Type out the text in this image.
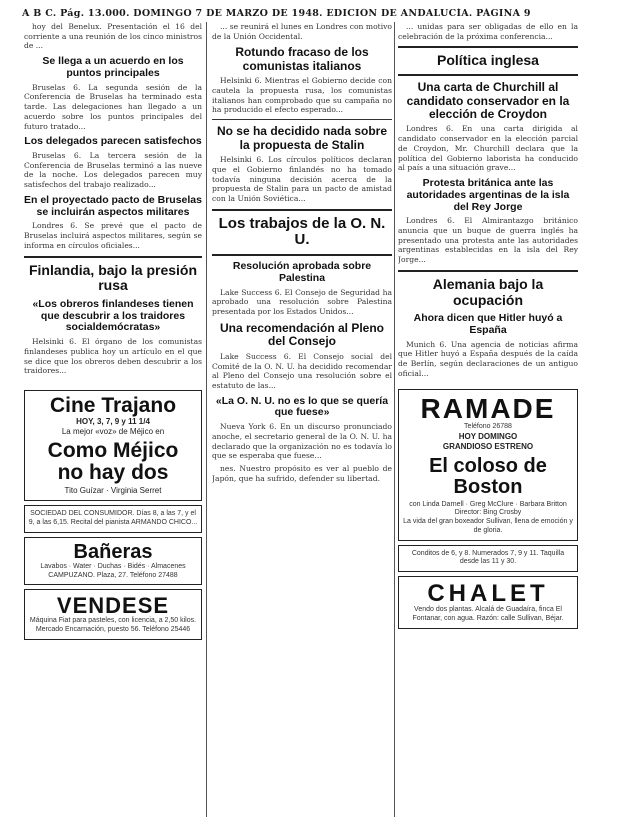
A B C. Pág. 13.000. DOMINGO 7 DE MARZO DE 1948. EDICIÓN DE ANDALUCÍA. PÁGINA 9

hoy del Benelux. Presentación el 16 del corriente a una reunión de los cinco ministros de ...

Se llega a un acuerdo en los puntos principales

Bruselas 6. La segunda sesión de la Conferencia de Bruselas ha terminado esta tarde. Las delegaciones han llegado a un acuerdo sobre los puntos principales del futuro tratado...

Los delegados parecen satisfechos

Bruselas 6. La tercera sesión de la Conferencia de Bruselas terminó a las nueve de la noche. Los delegados parecen muy satisfechos del trabajo realizado...

En el proyectado pacto de Bruselas se incluirán aspectos militares

Londres 6. Se prevé que el pacto de Bruselas incluirá aspectos militares, según se informa en círculos oficiales...

Finlandia, bajo la presión rusa
«Los obreros finlandeses tienen que descubrir a los traidores socialdemócratas»

Helsinki 6. El órgano de los comunistas finlandeses publica hoy un artículo en el que se dice que los obreros deben descubrir a los traidores...

Cine Trajano
HOY, 3, 7, 9 y 11 1/4
La mejor «voz» de Méjico en
Como Méjico
no hay dos
Tito Guízar · Virginia Serret
SOCIEDAD DEL CONSUMIDOR. Días 8, a las 7, y el 9, a las 6,15. Recital del pianista ARMANDO CHICO...
Bañeras
Lavabos · Water · Duchas · Bidés · Almacenes CAMPUZANO. Plaza, 27. Teléfono 27488
VENDESE
Máquina Fiat para pasteles, con licencia, a 2,50 kilos. Mercado Encarnación, puesto 56. Teléfono 25446

... se reunirá el lunes en Londres con motivo de la Unión Occidental.

Rotundo fracaso de los comunistas italianos

Helsinki 6. Mientras el Gobierno decide con cautela la propuesta rusa, los comunistas italianos han comprobado que su campaña no ha producido el efecto esperado...

No se ha decidido nada sobre la propuesta de Stalin

Helsinki 6. Los círculos políticos declaran que el Gobierno finlandés no ha tomado todavía ninguna decisión acerca de la propuesta de Stalin para un pacto de amistad con la Unión Soviética...

Los trabajos de la O. N. U.
Resolución aprobada sobre Palestina

Lake Success 6. El Consejo de Seguridad ha aprobado una resolución sobre Palestina presentada por los Estados Unidos...

Una recomendación al Pleno del Consejo

Lake Success 6. El Consejo social del Comité de la O. N. U. ha decidido recomendar al Pleno del Consejo una resolución sobre el estatuto de las...

«La O. N. U. no es lo que se quería que fuese»

Nueva York 6. En un discurso pronunciado anoche, el secretario general de la O. N. U. ha declarado que la organización no es todavía lo que se esperaba que fuese...

nes. Nuestro propósito es ver al pueblo de Japón, que ha sufrido, defender su libertad.

... unidas para ser obligadas de ello en la celebración de la próxima conferencia...

Política inglesa
Una carta de Churchill al candidato conservador en la elección de Croydon

Londres 6. En una carta dirigida al candidato conservador en la elección parcial de Croydon, Mr. Churchill declara que la política del Gobierno laborista ha conducido al país a una situación grave...

Protesta británica ante las autoridades argentinas de la isla del Rey Jorge

Londres 6. El Almirantazgo británico anuncia que un buque de guerra inglés ha presentado una protesta ante las autoridades argentinas establecidas en la isla del Rey Jorge...

Alemania bajo la ocupación
Ahora dicen que Hitler huyó a España

Munich 6. Una agencia de noticias afirma que Hitler huyó a España después de la caída de Berlín, según declaraciones de un antiguo oficial...

RAMADE
Teléfono 26788
HOY DOMINGO
GRANDIOSO ESTRENO
El coloso de Boston
con Linda Darnell · Greg McClure · Barbara Britton
Director: Bing Crosby
La vida del gran boxeador Sullivan, llena de emoción y de gloria.
Conditos de 6, y 8. Numerados 7, 9 y 11. Taquilla desde las 11 y 30.
CHALET
Vendo dos plantas. Alcalá de Guadaíra, finca El Fontanar, con agua. Razón: calle Sullivan, Béjar.
